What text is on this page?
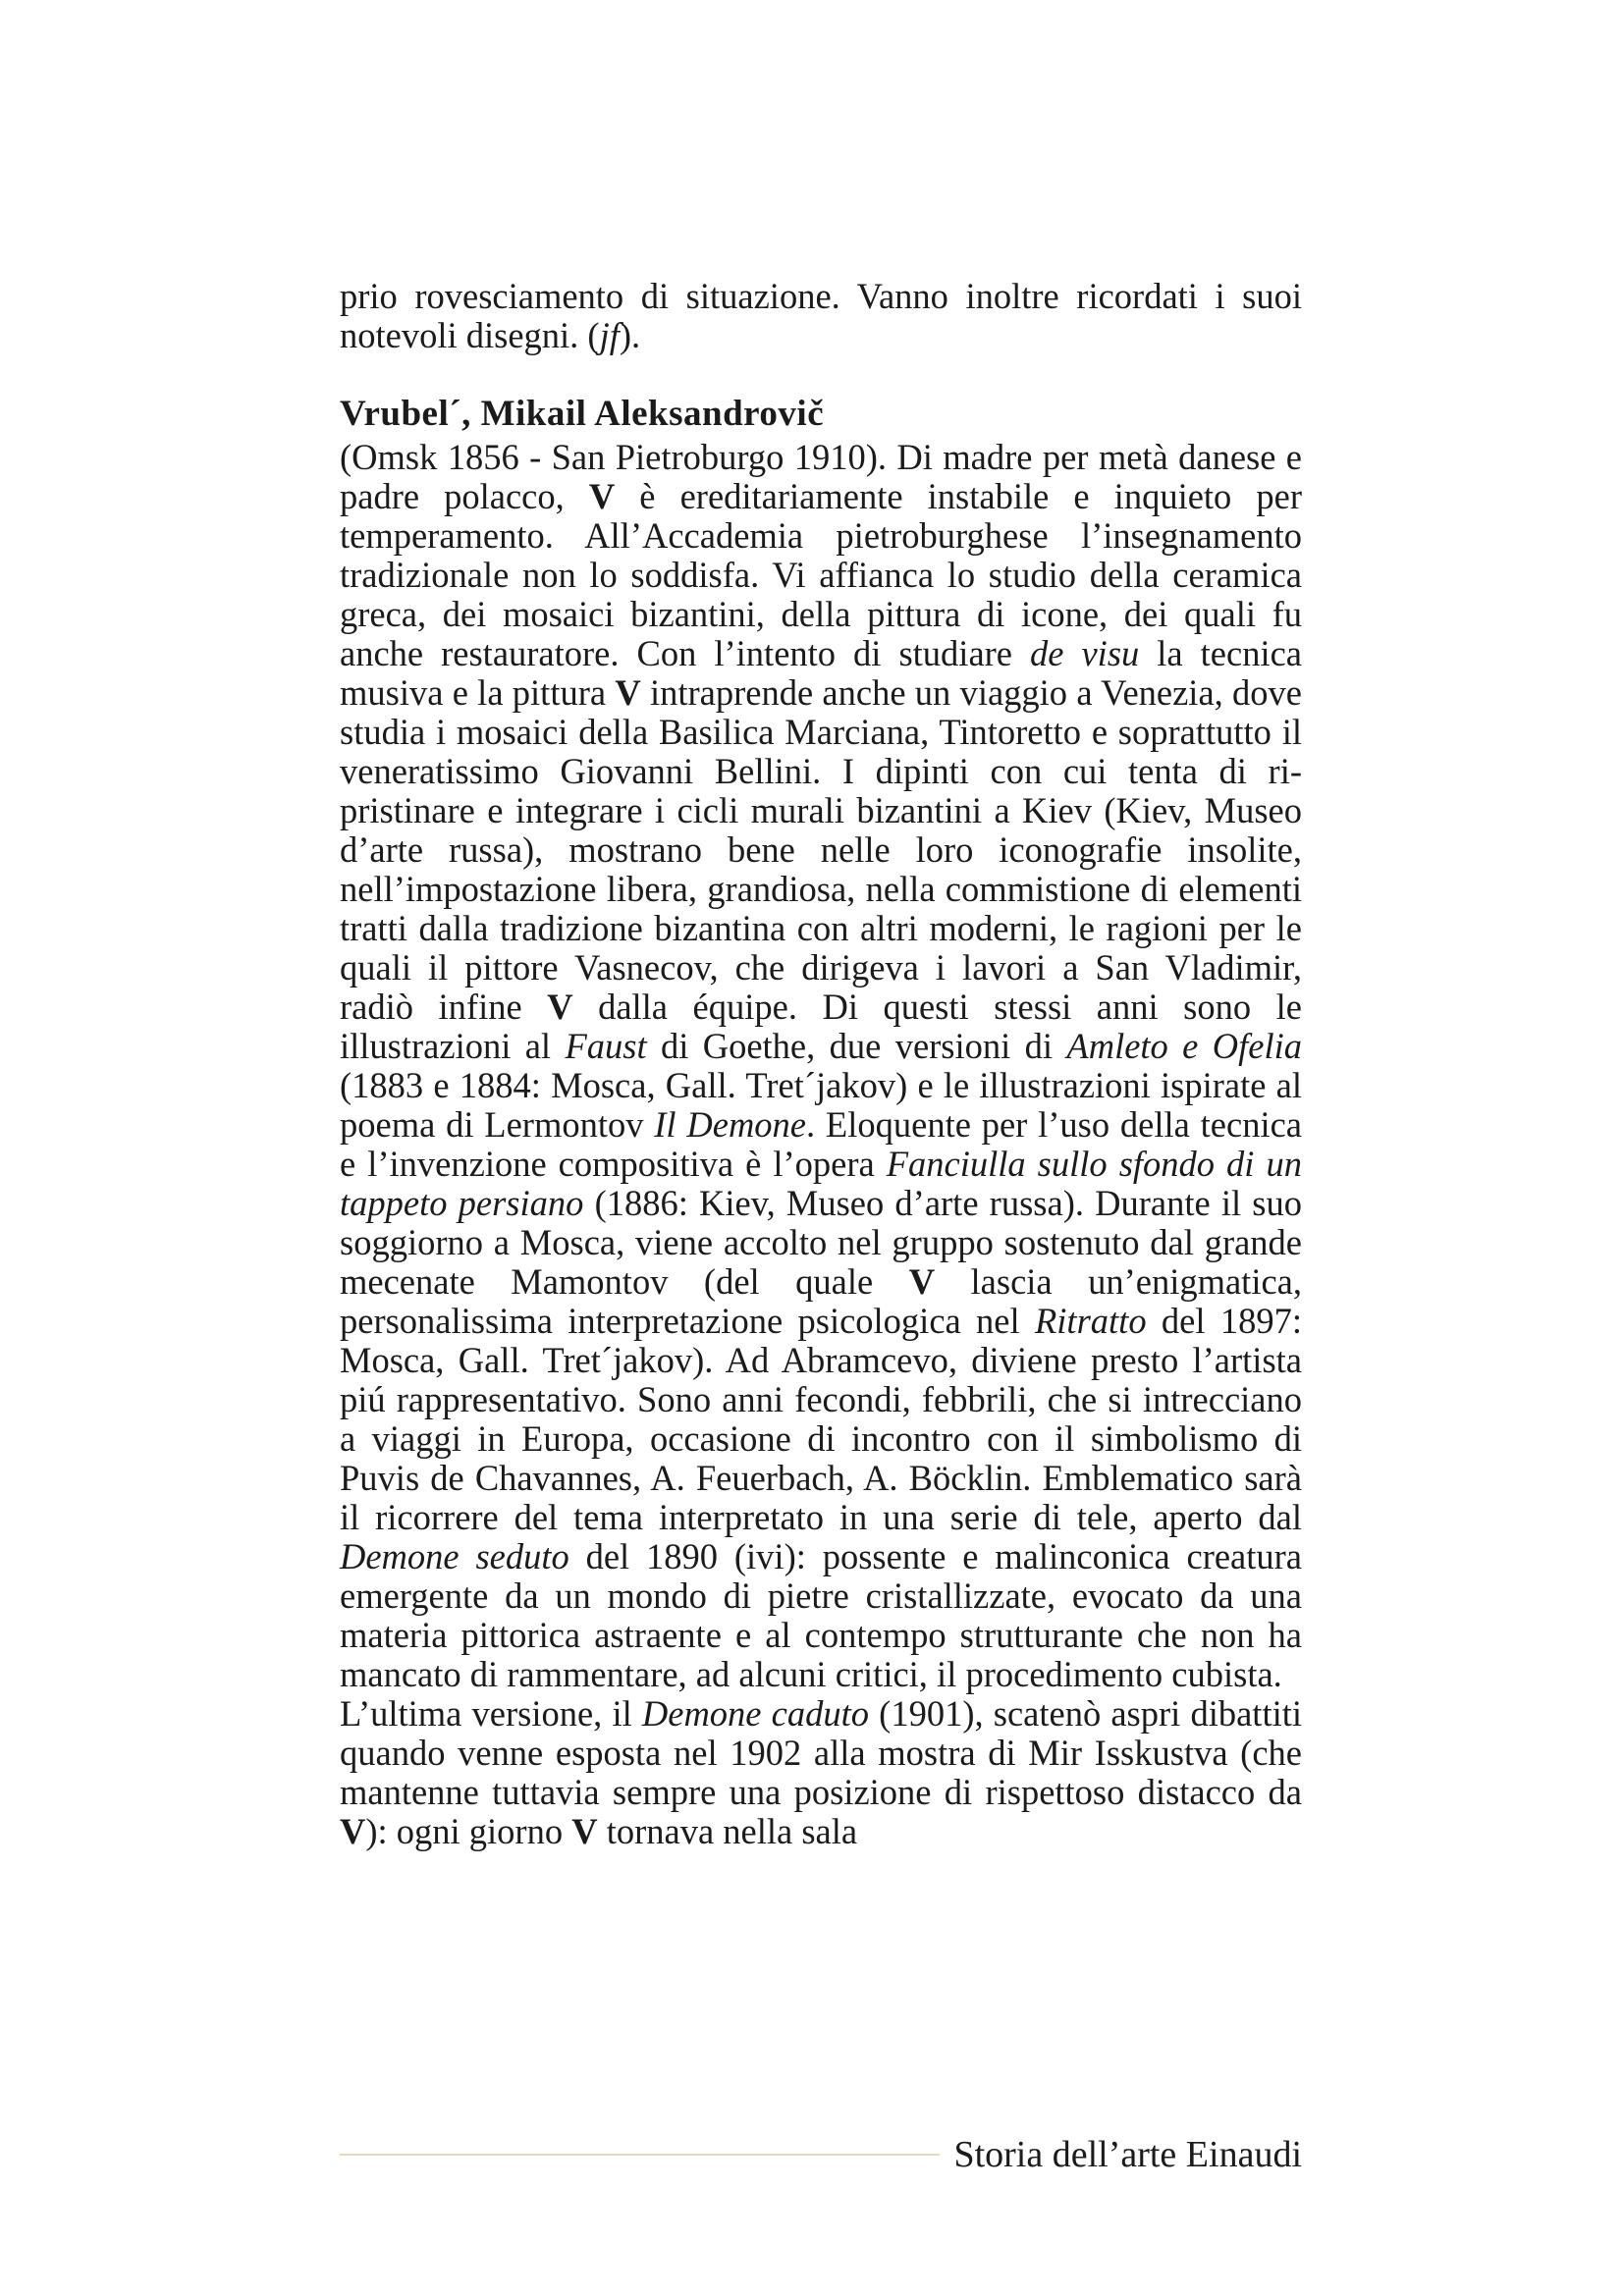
prio rovesciamento di situazione. Vanno inoltre ricordati i suoi notevoli disegni. (jf).

Vrubel´, Mikail Aleksandrovič

(Omsk 1856 - San Pietroburgo 1910). Di madre per metà danese e padre polacco, V è ereditariamente instabile e inquieto per temperamento. All’Accademia pietroburghese l’insegnamento tradizionale non lo soddisfa. Vi affianca lo studio della ceramica greca, dei mosaici bizantini, della pittura di icone, dei quali fu anche restauratore. Con l’intento di studiare de visu la tecnica musiva e la pittura V intraprende anche un viaggio a Venezia, dove studia i mosaici della Basilica Marciana, Tintoretto e soprattutto il veneratissimo Giovanni Bellini. I dipinti con cui tenta di ripristinare e integrare i cicli murali bizantini a Kiev (Kiev, Museo d’arte russa), mostrano bene nelle loro iconografie insolite, nell’impostazione libera, grandiosa, nella commistione di elementi tratti dalla tradizione bizantina con altri moderni, le ragioni per le quali il pittore Vasnecov, che dirigeva i lavori a San Vladimir, radiò infine V dalla équipe. Di questi stessi anni sono le illustrazioni al Faust di Goethe, due versioni di Amleto e Ofelia (1883 e 1884: Mosca, Gall. Tret´jakov) e le illustrazioni ispirate al poema di Lermontov Il Demone. Eloquente per l’uso della tecnica e l’invenzione compositiva è l’opera Fanciulla sullo sfondo di un tappeto persiano (1886: Kiev, Museo d’arte russa). Durante il suo soggiorno a Mosca, viene accolto nel gruppo sostenuto dal grande mecenate Mamontov (del quale V lascia un’enigmatica, personalissima interpretazione psicologica nel Ritratto del 1897: Mosca, Gall. Tret´jakov). Ad Abramcevo, diviene presto l’artista piú rappresentativo. Sono anni fecondi, febbrili, che si intrecciano a viaggi in Europa, occasione di incontro con il simbolismo di Puvis de Chavannes, A. Feuerbach, A. Böcklin. Emblematico sarà il ricorrere del tema interpretato in una serie di tele, aperto dal Demone seduto del 1890 (ivi): possente e malinconica creatura emergente da un mondo di pietre cristallizzate, evocato da una materia pittorica astraente e al contempo strutturante che non ha mancato di rammentare, ad alcuni critici, il procedimento cubista.

L’ultima versione, il Demone caduto (1901), scatenò aspri dibattiti quando venne esposta nel 1902 alla mostra di Mir Isskustva (che mantenne tuttavia sempre una posizione di rispettoso distacco da V): ogni giorno V tornava nella sala

Storia dell’arte Einaudi
